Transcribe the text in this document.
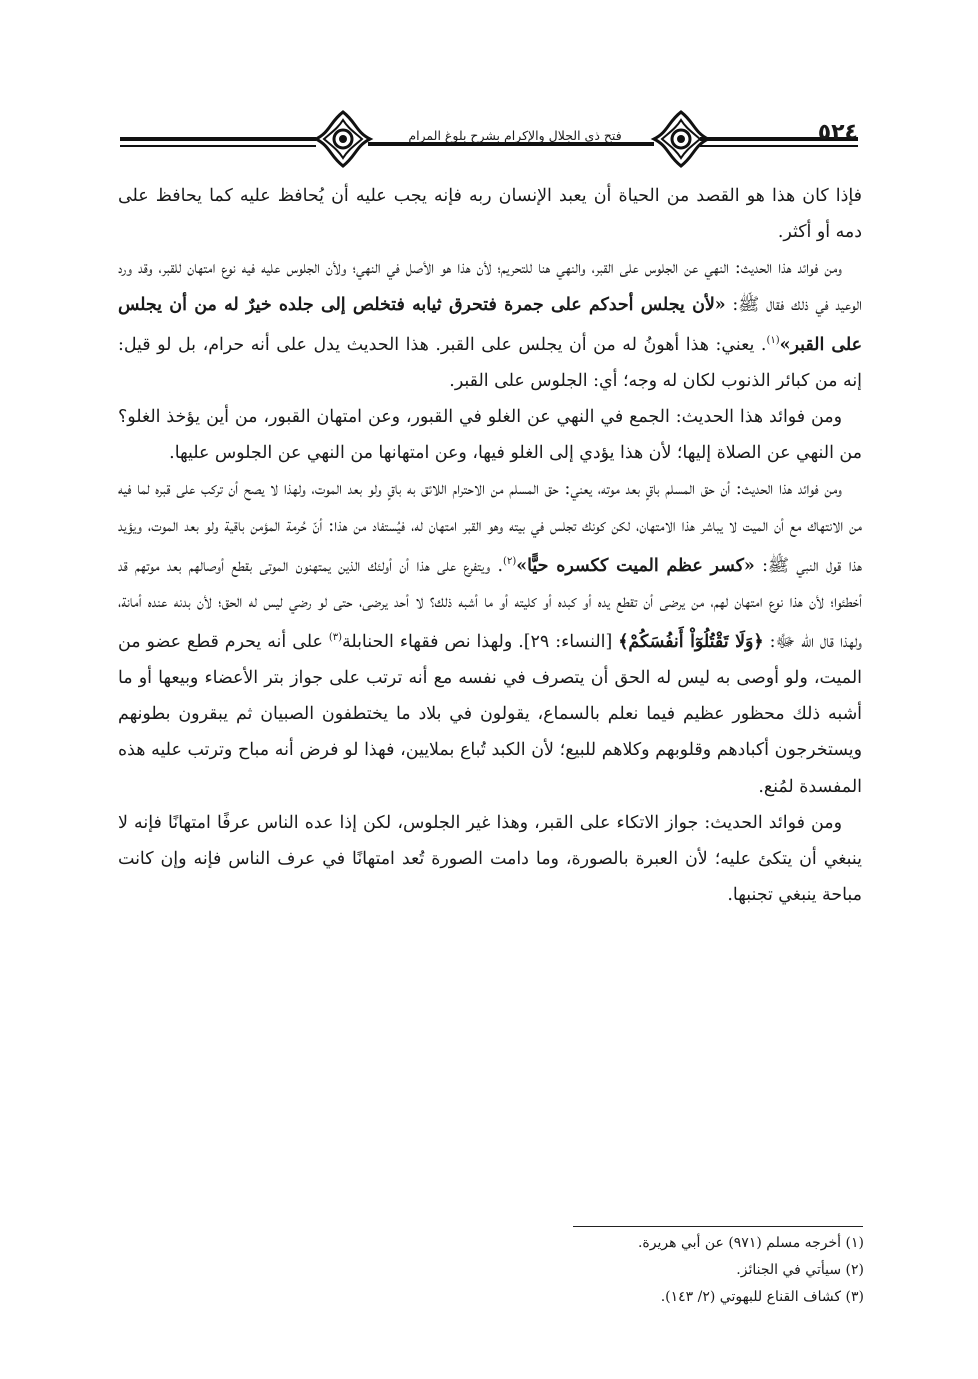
فتح ذي الجلال والإكرام بشرح بلوغ المرام	٥٢٤

فإذا كان هذا هو القصد من الحياة أن يعبد الإنسان ربه فإنه يجب عليه أن يُحافظ عليه كما يحافظ على دمه أو أكثر.

ومن فوائد هذا الحديث: النهي عن الجلوس على القبر، والنهي هنا للتحريم؛ لأن هذا هو الأصل في النهي؛ ولأن الجلوس عليه فيه نوع امتهان للقبر، وقد ورد الوعيد في ذلك فقال ﷺ: «لأن يجلس أحدكم على جمرة فتحرق ثيابه فتخلص إلى جلده خيرٌ له من أن يجلس على القبر»$^{(١)}$. يعني: هذا أهونُ له من أن يجلس على القبر. هذا الحديث يدل على أنه حرام، بل لو قيل: إنه من كبائر الذنوب لكان له وجه؛ أي: الجلوس على القبر.

ومن فوائد هذا الحديث: الجمع في النهي عن الغلو في القبور، وعن امتهان القبور، من أين يؤخذ الغلو؟ من النهي عن الصلاة إليها؛ لأن هذا يؤدي إلى الغلو فيها، وعن امتهانها من النهي عن الجلوس عليها.

ومن فوائد هذا الحديث: أن حق المسلم باقٍ بعد موته، يعني: حق المسلم من الاحترام اللائق به باقٍ ولو بعد الموت، ولهذا لا يصح أن تركب على قبره لما فيه من الانتهاك مع أن الميت لا يباشر هذا الامتهان، لكن كونك تجلس في بيته وهو القبر امتهان له، فيُستفاد من هذا: أنّ حُرمة المؤمن باقية ولو بعد الموت، ويؤيد هذا قول النبي ﷺ: «كسر عظم الميت ككسره حيًّا»$^{(٢)}$. ويتفرع على هذا أن أولئك الذين يمتهنون الموتى بقطع أوصالهم بعد موتهم قد أخطئوا؛ لأن هذا نوع امتهان لهم، من يرضى أن تقطع يده أو كبده أو كليته أو ما أشبه ذلك؟ لا أحد يرضى، حتى لو رضي ليس له الحق؛ لأن بدنه عنده أمانة، ولهذا قال الله ﷻ: ﴿وَلَا تَقْتُلُوٓاْ أَنفُسَكُمْ﴾ [النساء: ٢٩]. ولهذا نص فقهاء الحنابلة$^{(٣)}$ على أنه يحرم قطع عضو من الميت، ولو أوصى به ليس له الحق أن يتصرف في نفسه مع أنه ترتب على جواز بتر الأعضاء وبيعها أو ما أشبه ذلك محظور عظيم فيما نعلم بالسماع، يقولون في بلاد ما يختطفون الصبيان ثم يبقرون بطونهم ويستخرجون أكبادهم وقلوبهم وكلاهم للبيع؛ لأن الكبد تُباع بملايين، فهذا لو فرض أنه مباح وترتب عليه هذه المفسدة لمُنع.

ومن فوائد الحديث: جواز الاتكاء على القبر، وهذا غير الجلوس، لكن إذا عده الناس عرفًا امتهانًا فإنه لا ينبغي أن يتكئ عليه؛ لأن العبرة بالصورة، وما دامت الصورة تُعد امتهانًا في عرف الناس فإنه وإن كانت مباحة ينبغي تجنبها.

(١) أخرجه مسلم (٩٧١) عن أبي هريرة.
(٢) سيأتي في الجنائز.
(٣) كشاف القناع للبهوتي (٢/ ١٤٣).
